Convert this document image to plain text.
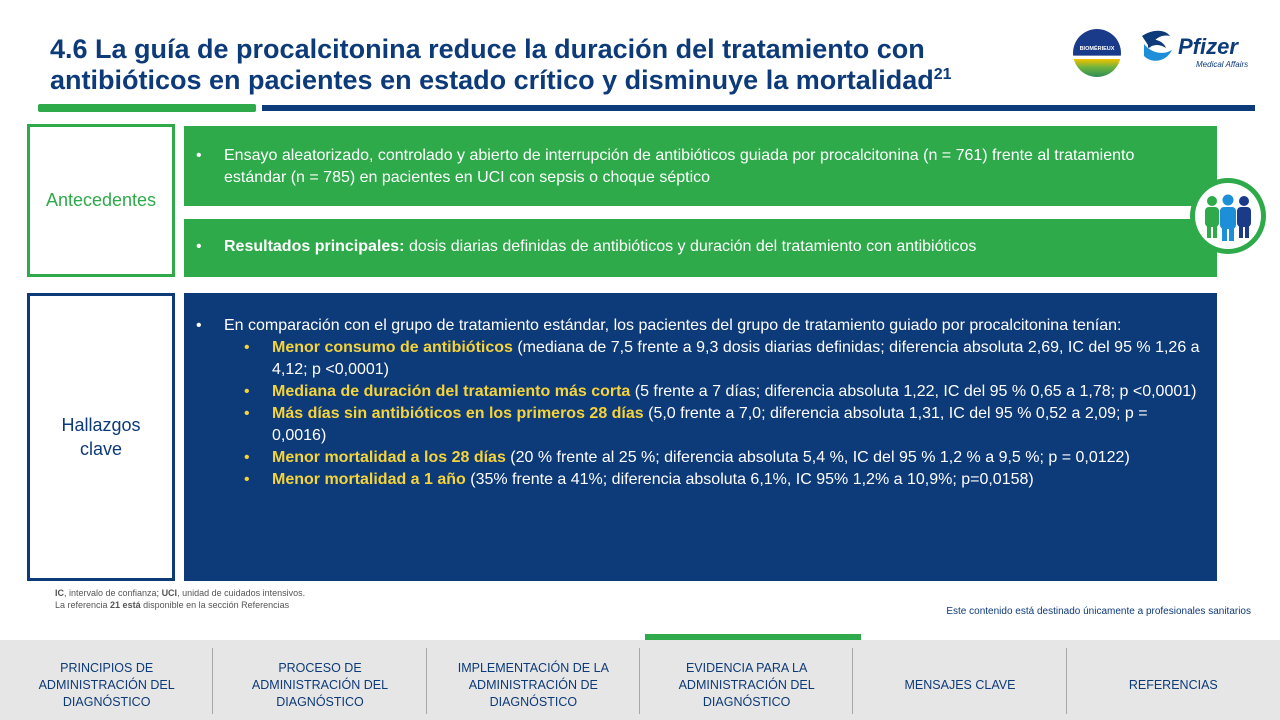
4.6 La guía de procalcitonina reduce la duración del tratamiento con antibióticos en pacientes en estado crítico y disminuye la mortalidad$^{21}$
BIOMÉRIEUX	Pfizer
Medical Affairs
Antecedentes
• Ensayo aleatorizado, controlado y abierto de interrupción de antibióticos guiada por procalcitonina (n = 761) frente al tratamiento estándar (n = 785) en pacientes en UCI con sepsis o choque séptico
• Resultados principales: dosis diarias definidas de antibióticos y duración del tratamiento con antibióticos
Hallazgos clave
• En comparación con el grupo de tratamiento estándar, los pacientes del grupo de tratamiento guiado por procalcitonina tenían:
• Menor consumo de antibióticos (mediana de 7,5 frente a 9,3 dosis diarias definidas; diferencia absoluta 2,69, IC del 95 % 1,26 a 4,12; p <0,0001)
• Mediana de duración del tratamiento más corta (5 frente a 7 días; diferencia absoluta 1,22, IC del 95 % 0,65 a 1,78; p <0,0001)
• Más días sin antibióticos en los primeros 28 días (5,0 frente a 7,0; diferencia absoluta 1,31, IC del 95 % 0,52 a 2,09; p = 0,0016)
• Menor mortalidad a los 28 días (20 % frente al 25 %; diferencia absoluta 5,4 %, IC del 95 % 1,2 % a 9,5 %; p = 0,0122)
• Menor mortalidad a 1 año (35% frente a 41%; diferencia absoluta 6,1%, IC 95% 1,2% a 10,9%; p=0,0158)
IC, intervalo de confianza; UCI, unidad de cuidados intensivos.
La referencia 21 está disponible en la sección Referencias
Este contenido está destinado únicamente a profesionales sanitarios
PRINCIPIOS DE ADMINISTRACIÓN DEL DIAGNÓSTICO
PROCESO DE ADMINISTRACIÓN DEL DIAGNÓSTICO
IMPLEMENTACIÓN DE LA ADMINISTRACIÓN DE DIAGNÓSTICO
EVIDENCIA PARA LA ADMINISTRACIÓN DEL DIAGNÓSTICO
MENSAJES CLAVE	REFERENCIAS
